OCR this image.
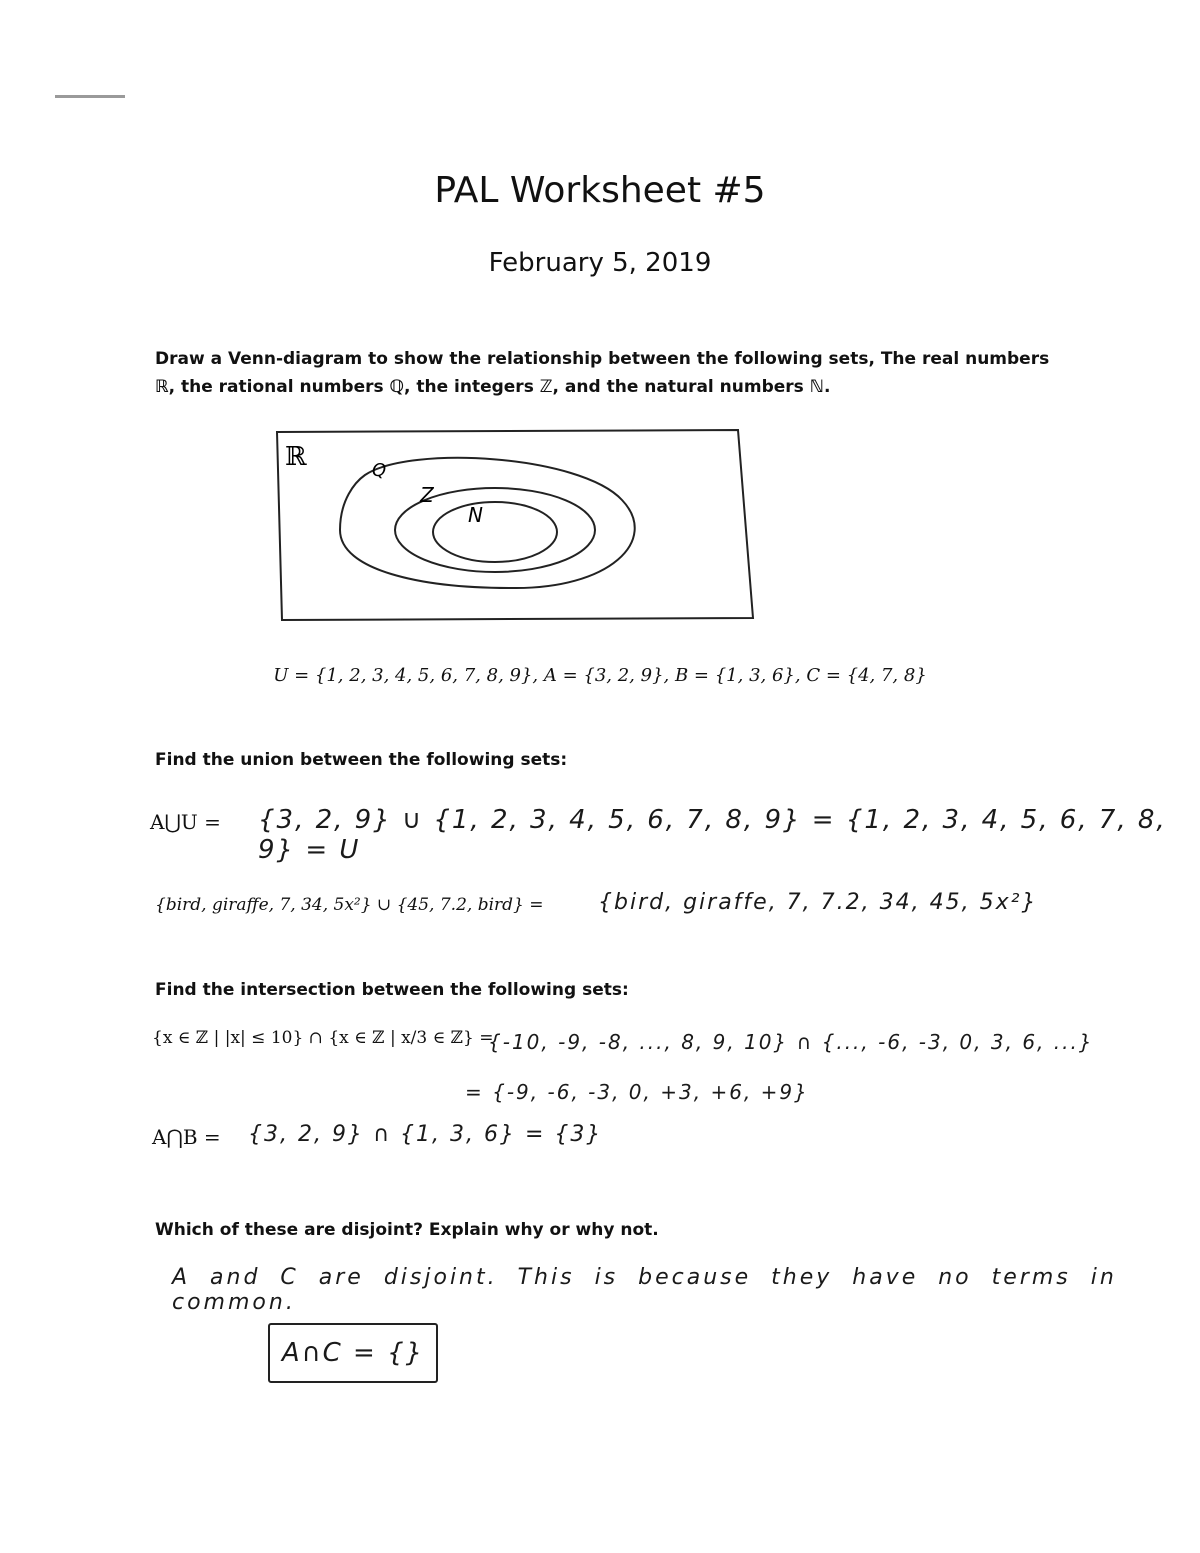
PAL Worksheet #5
February 5, 2019
Draw a Venn-diagram to show the relationship between the following sets, The real numbers ℝ, the rational numbers ℚ, the integers ℤ, and the natural numbers ℕ.
ℝ	Q
Z
N
U = {1, 2, 3, 4, 5, 6, 7, 8, 9}, A = {3, 2, 9}, B = {1, 3, 6}, C = {4, 7, 8}
Find the union between the following sets:
A⋃U = {3, 2, 9} ∪ {1, 2, 3, 4, 5, 6, 7, 8, 9} = {1, 2, 3, 4, 5, 6, 7, 8, 9} = U
{bird, giraffe, 7, 34, 5x²} ∪ {45, 7.2, bird} = {bird, giraffe, 7, 7.2, 34, 45, 5x²}
Find the intersection between the following sets:
{x ∈ ℤ | |x| ≤ 10} ∩ {x ∈ ℤ | x/3 ∈ ℤ} =
{-10, -9, -8, ..., 8, 9, 10} ∩ {..., -6, -3, 0, 3, 6, ...}
= {-9, -6, -3, 0, +3, +6, +9}
A⋂B = {3, 2, 9} ∩ {1, 3, 6} = {3}
Which of these are disjoint? Explain why or why not.
A and C are disjoint. This is because they have no terms in common.
A∩C = {}
